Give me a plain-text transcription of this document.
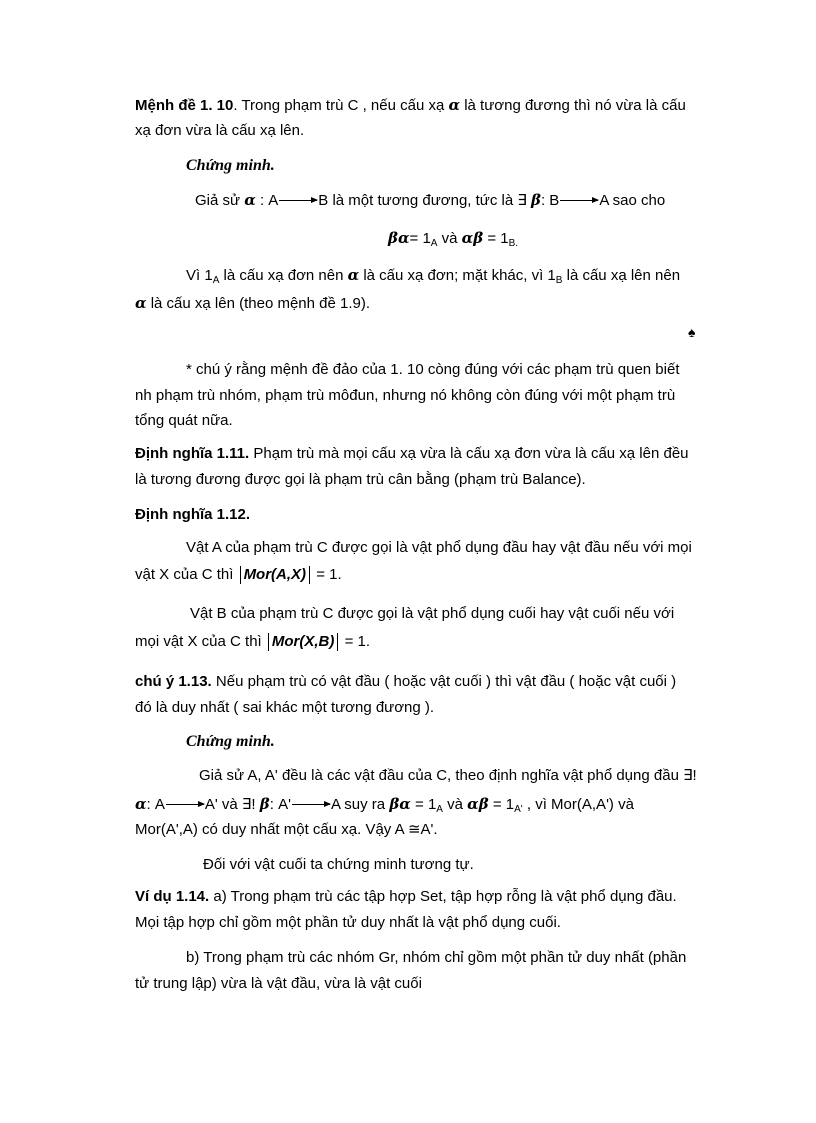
Mệnh đề 1. 10. Trong phạm trù C , nếu cấu xạ α là tương đương thì nó vừa là cấu
xạ đơn vừa là cấu xạ lên.
Chứng minh.
Giả sử α : A	B là một tương đương, tức là ∃ β: B	A sao cho
$\beta\alpha= 1_A$ và $\alpha\beta = 1_{B.}$
Vì $1_A$ là cấu xạ đơn nên α là cấu xạ đơn; mặt khác, vì $1_B$ là cấu xạ lên nên
α là cấu xạ lên (theo mệnh đề 1.9).
♠
* chú ý rằng mệnh đề đảo của 1. 10 còng đúng với các phạm trù quen biết
nh phạm trù nhóm, phạm trù môđun, nhưng nó không còn đúng với một phạm trù
tổng quát nữa.
Định nghĩa 1.11. Phạm trù mà mọi cấu xạ vừa là cấu xạ đơn vừa là cấu xạ lên đều
là tương đương được gọi là phạm trù cân bằng (phạm trù Balance).
Định nghĩa 1.12.
Vật A của phạm trù C được gọi là vật phổ dụng đầu hay vật đầu nếu với mọi
vật X của C thì Mor(A,X) = 1.
Vật B của phạm trù C được gọi là vật phổ dụng cuối hay vật cuối nếu với
mọi vật X của C thì Mor(X,B) = 1.
chú ý 1.13. Nếu phạm trù có vật đầu ( hoặc vật cuối ) thì vật đầu ( hoặc vật cuối )
đó là duy nhất ( sai khác một tương đương ).
Chứng minh.
Giả sử A, A' đều là các vật đầu của C, theo định nghĩa vật phổ dụng đầu ∃!
α: A	A' và ∃! β: A'	A suy ra $\beta\alpha = 1_A$ và $\alpha\beta = 1_{A'}$ , vì Mor(A,A') và
Mor(A',A) có duy nhất một cấu xạ. Vậy A ≅A'.
Đối với vật cuối ta chứng minh tương tự.
Ví dụ 1.14. a) Trong phạm trù các tập hợp Set, tập hợp rỗng là vật phổ dụng đầu.
Mọi tập hợp chỉ gồm một phần tử duy nhất là vật phổ dụng cuối.
b) Trong phạm trù các nhóm Gr, nhóm chỉ gồm một phần tử duy nhất (phần
tử trung lập) vừa là vật đầu, vừa là vật cuối
